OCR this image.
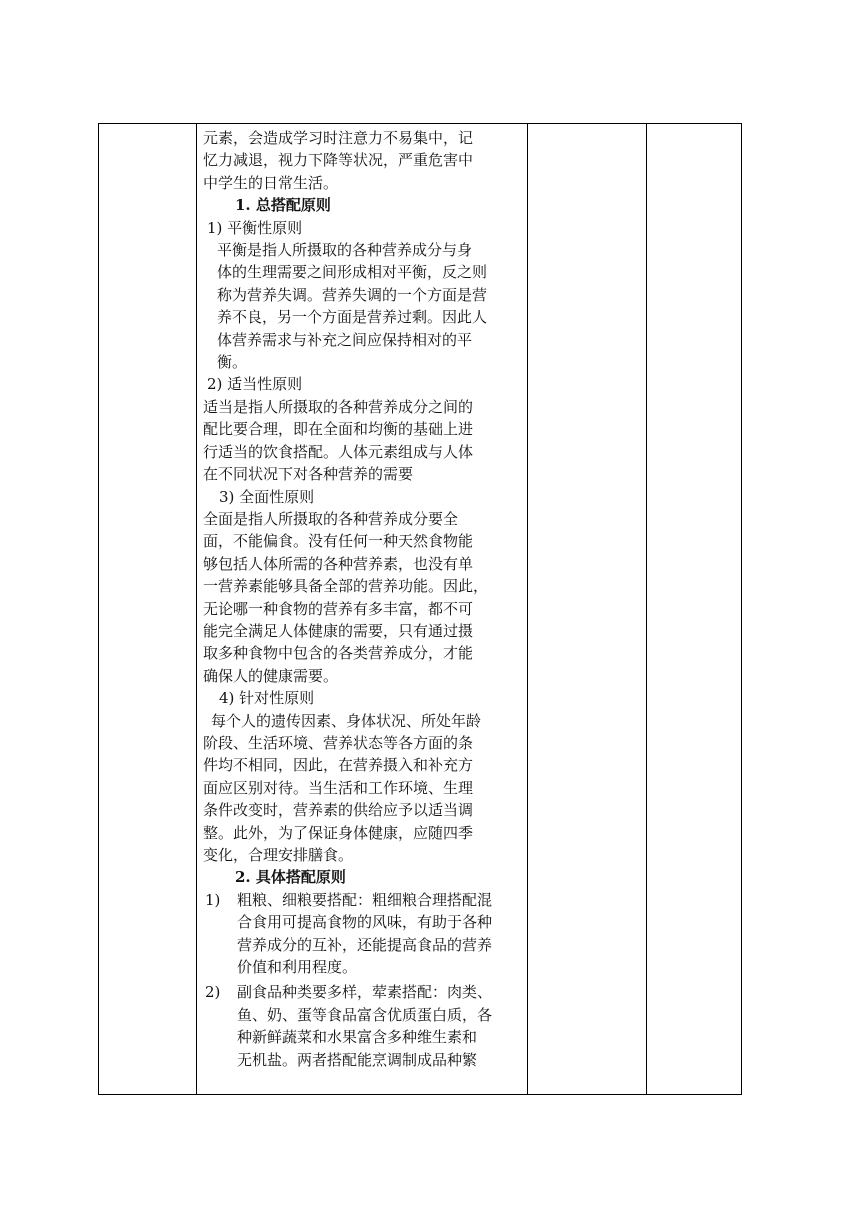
元素，会造成学习时注意力不易集中，记

忆力减退，视力下降等状况，严重危害中

中学生的日常生活。

1. 总搭配原则

1) 平衡性原则

平衡是指人所摄取的各种营养成分与身

体的生理需要之间形成相对平衡，反之则

称为营养失调。营养失调的一个方面是营

养不良，另一个方面是营养过剩。因此人

体营养需求与补充之间应保持相对的平

衡。

2) 适当性原则

适当是指人所摄取的各种营养成分之间的

配比要合理，即在全面和均衡的基础上进

行适当的饮食搭配。人体元素组成与人体

在不同状况下对各种营养的需要

3) 全面性原则

全面是指人所摄取的各种营养成分要全

面，不能偏食。没有任何一种天然食物能

够包括人体所需的各种营养素，也没有单

一营养素能够具备全部的营养功能。因此，

无论哪一种食物的营养有多丰富，都不可

能完全满足人体健康的需要，只有通过摄

取多种食物中包含的各类营养成分，才能

确保人的健康需要。

4) 针对性原则

每个人的遗传因素、身体状况、所处年龄

阶段、生活环境、营养状态等各方面的条

件均不相同，因此，在营养摄入和补充方

面应区别对待。当生活和工作环境、生理

条件改变时，营养素的供给应予以适当调

整。此外，为了保证身体健康，应随四季

变化，合理安排膳食。

2. 具体搭配原则

1)	粗粮、细粮要搭配：粗细粮合理搭配混

合食用可提高食物的风味，有助于各种

营养成分的互补，还能提高食品的营养

价值和利用程度。

2)	副食品种类要多样，荤素搭配：肉类、

鱼、奶、蛋等食品富含优质蛋白质，各

种新鲜蔬菜和水果富含多种维生素和

无机盐。两者搭配能烹调制成品种繁
